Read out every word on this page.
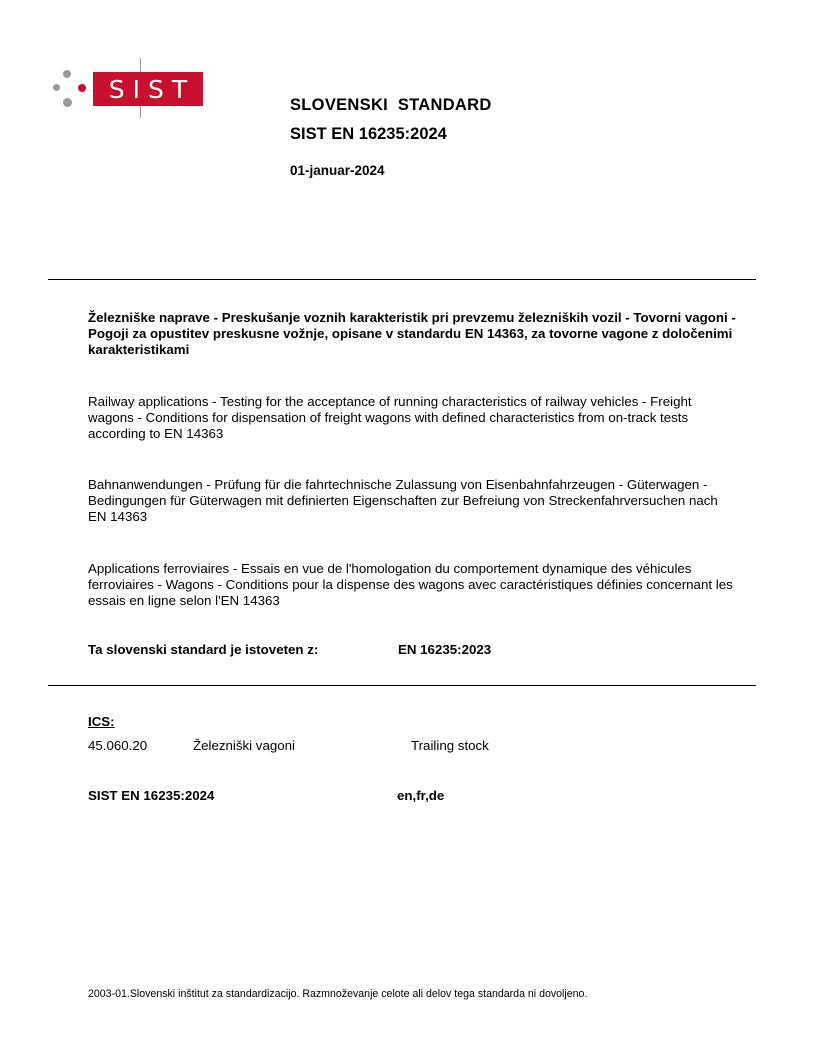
SIST
SLOVENSKI  STANDARD
SIST EN 16235:2024
01-januar-2024
Železniške naprave - Preskušanje voznih karakteristik pri prevzemu železniških vozil - Tovorni vagoni - Pogoji za opustitev preskusne vožnje, opisane v standardu EN 14363, za tovorne vagone z določenimi karakteristikami
Railway applications - Testing for the acceptance of running characteristics of railway vehicles - Freight wagons - Conditions for dispensation of freight wagons with defined characteristics from on-track tests according to EN 14363
Bahnanwendungen - Prüfung für die fahrtechnische Zulassung von Eisenbahnfahrzeugen - Güterwagen - Bedingungen für Güterwagen mit definierten Eigenschaften zur Befreiung von Streckenfahrversuchen nach EN 14363
Applications ferroviaires - Essais en vue de l'homologation du comportement dynamique des véhicules ferroviaires - Wagons - Conditions pour la dispense des wagons avec caractéristiques définies concernant les essais en ligne selon l'EN 14363
Ta slovenski standard je istoveten z:	EN 16235:2023
ICS:
45.060.20	Železniški vagoni	Trailing stock
SIST EN 16235:2024	en,fr,de
2003-01.Slovenski inštitut za standardizacijo. Razmnoževanje celote ali delov tega standarda ni dovoljeno.
